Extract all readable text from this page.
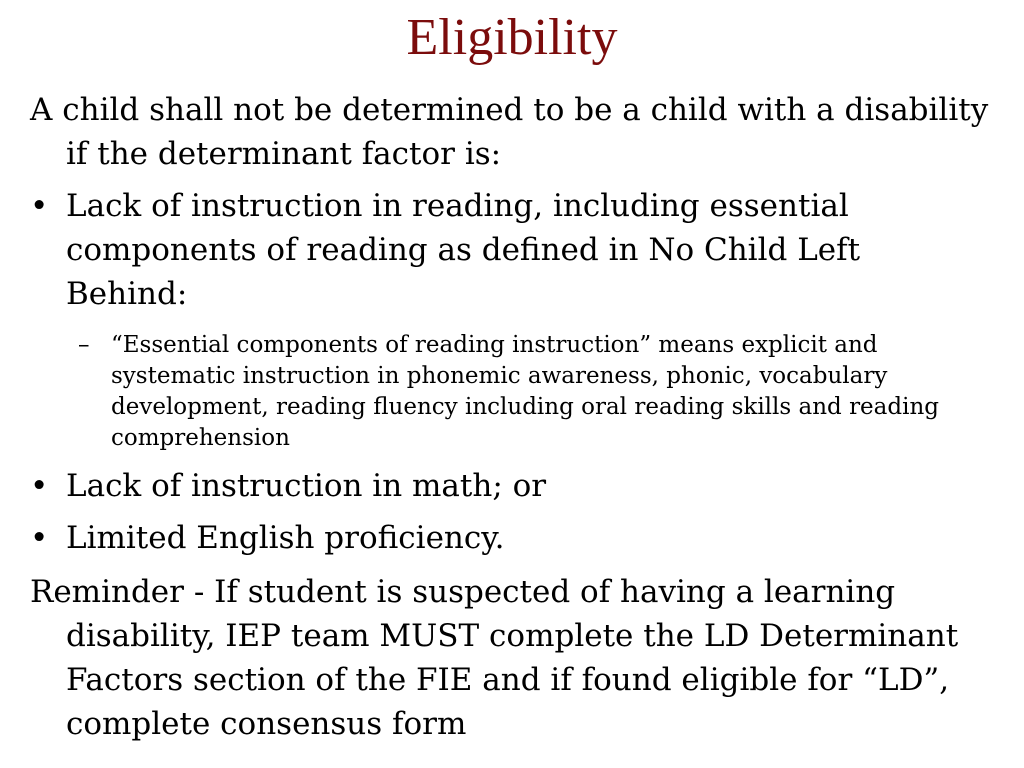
Eligibility

A child shall not be determined to be a child with a disability if the determinant factor is:

• Lack of instruction in reading, including essential components of reading as defined in No Child Left Behind:
– “Essential components of reading instruction” means explicit and systematic instruction in phonemic awareness, phonic, vocabulary development, reading fluency including oral reading skills and reading comprehension
• Lack of instruction in math; or
• Limited English proficiency.

Reminder - If student is suspected of having a learning disability, IEP team MUST complete the LD Determinant Factors section of the FIE and if found eligible for “LD”, complete consensus form
